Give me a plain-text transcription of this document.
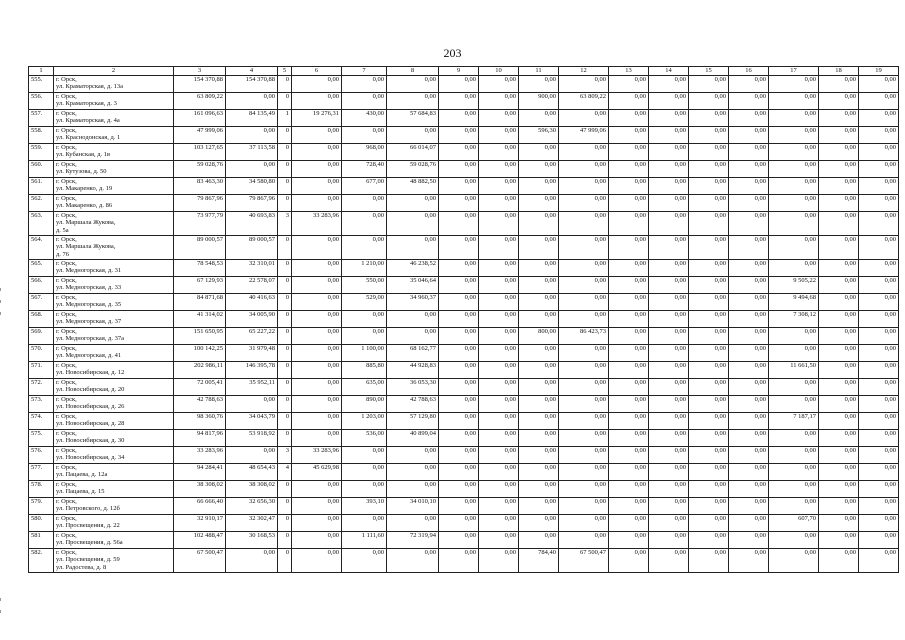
203
1	2	3	4	5	6	7	8	9	10	11	12	13	14	15	16	17	18	19
555.	г. Орск,
ул. Краматорская, д. 13а	154 370,88	154 370,88	0	0,00	0,00	0,00	0,00	0,00	0,00	0,00	0,00	0,00	0,00	0,00	0,00	0,00	0,00
556.	г. Орск,
ул. Краматорская, д. 3	63 809,22	0,00	0	0,00	0,00	0,00	0,00	0,00	900,00	63 809,22	0,00	0,00	0,00	0,00	0,00	0,00	0,00
557.	г. Орск,
ул. Краматорская, д. 4а	161 096,63	84 135,49	1	19 276,31	430,00	57 684,83	0,00	0,00	0,00	0,00	0,00	0,00	0,00	0,00	0,00	0,00	0,00
558.	г. Орск,
ул. Краснодонская, д. 1	47 999,06	0,00	0	0,00	0,00	0,00	0,00	0,00	596,30	47 999,06	0,00	0,00	0,00	0,00	0,00	0,00	0,00
559.	г. Орск,
ул. Кубанская, д. 1в	103 127,65	37 113,58	0	0,00	968,00	66 014,07	0,00	0,00	0,00	0,00	0,00	0,00	0,00	0,00	0,00	0,00	0,00
560.	г. Орск,
ул. Кутузова, д. 50	59 028,76	0,00	0	0,00	728,40	59 028,76	0,00	0,00	0,00	0,00	0,00	0,00	0,00	0,00	0,00	0,00	0,00
561.	г. Орск,
ул. Макаренко, д. 19	83 463,30	34 580,80	0	0,00	677,00	48 882,50	0,00	0,00	0,00	0,00	0,00	0,00	0,00	0,00	0,00	0,00	0,00
562.	г. Орск,
ул. Макаренко, д. 86	79 867,96	79 867,96	0	0,00	0,00	0,00	0,00	0,00	0,00	0,00	0,00	0,00	0,00	0,00	0,00	0,00	0,00
563.	г. Орск,
ул. Маршала Жукова,
д. 5а	73 977,79	40 693,83	3	33 283,96	0,00	0,00	0,00	0,00	0,00	0,00	0,00	0,00	0,00	0,00	0,00	0,00	0,00
564.	г. Орск,
ул. Маршала Жукова,
д. 76	89 000,57	89 000,57	0	0,00	0,00	0,00	0,00	0,00	0,00	0,00	0,00	0,00	0,00	0,00	0,00	0,00	0,00
565.	г. Орск,
ул. Медногорская, д. 31	78 548,53	32 310,01	0	0,00	1 210,00	46 238,52	0,00	0,00	0,00	0,00	0,00	0,00	0,00	0,00	0,00	0,00	0,00
566.	г. Орск,
ул. Медногорская, д. 33	67 129,93	22 578,07	0	0,00	550,00	35 046,64	0,00	0,00	0,00	0,00	0,00	0,00	0,00	0,00	9 505,22	0,00	0,00
567.	г. Орск,
ул. Медногорская, д. 35	84 871,68	40 416,63	0	0,00	529,00	34 960,37	0,00	0,00	0,00	0,00	0,00	0,00	0,00	0,00	9 494,68	0,00	0,00
568.	г. Орск,
ул. Медногорская, д. 37	41 314,02	34 005,90	0	0,00	0,00	0,00	0,00	0,00	0,00	0,00	0,00	0,00	0,00	0,00	7 308,12	0,00	0,00
569.	г. Орск,
ул. Медногорская, д. 37а	151 650,95	65 227,22	0	0,00	0,00	0,00	0,00	0,00	800,00	86 423,73	0,00	0,00	0,00	0,00	0,00	0,00	0,00
570.	г. Орск,
ул. Медногорская, д. 41	100 142,25	31 979,48	0	0,00	1 100,00	68 162,77	0,00	0,00	0,00	0,00	0,00	0,00	0,00	0,00	0,00	0,00	0,00
571.	г. Орск,
ул. Новосибирская, д. 12	202 986,11	146 395,78	0	0,00	885,80	44 928,83	0,00	0,00	0,00	0,00	0,00	0,00	0,00	0,00	11 661,50	0,00	0,00
572.	г. Орск,
ул. Новосибирская, д. 20	72 005,41	35 952,11	0	0,00	635,00	36 053,30	0,00	0,00	0,00	0,00	0,00	0,00	0,00	0,00	0,00	0,00	0,00
573.	г. Орск,
ул. Новосибирская, д. 26	42 788,63	0,00	0	0,00	890,00	42 788,63	0,00	0,00	0,00	0,00	0,00	0,00	0,00	0,00	0,00	0,00	0,00
574.	г. Орск,
ул. Новосибирская, д. 28	98 360,76	34 043,79	0	0,00	1 203,00	57 129,80	0,00	0,00	0,00	0,00	0,00	0,00	0,00	0,00	7 187,17	0,00	0,00
575.	г. Орск,
ул. Новосибирская, д. 30	94 817,96	53 918,92	0	0,00	536,00	40 899,04	0,00	0,00	0,00	0,00	0,00	0,00	0,00	0,00	0,00	0,00	0,00
576.	г. Орск,
ул. Новосибирская, д. 34	33 283,96	0,00	3	33 283,96	0,00	0,00	0,00	0,00	0,00	0,00	0,00	0,00	0,00	0,00	0,00	0,00	0,00
577.	г. Орск,
ул. Пацаева, д. 12а	94 284,41	48 654,43	4	45 629,98	0,00	0,00	0,00	0,00	0,00	0,00	0,00	0,00	0,00	0,00	0,00	0,00	0,00
578.	г. Орск,
ул. Пацаева, д. 15	38 308,02	38 308,02	0	0,00	0,00	0,00	0,00	0,00	0,00	0,00	0,00	0,00	0,00	0,00	0,00	0,00	0,00
579.	г. Орск,
ул. Петровского, д. 12б	66 666,40	32 656,30	0	0,00	393,10	34 010,10	0,00	0,00	0,00	0,00	0,00	0,00	0,00	0,00	0,00	0,00	0,00
580.	г. Орск,
ул. Просвещения, д. 22	32 910,17	32 302,47	0	0,00	0,00	0,00	0,00	0,00	0,00	0,00	0,00	0,00	0,00	0,00	607,70	0,00	0,00
581	г. Орск,
ул. Просвещения, д. 56а	102 488,47	30 168,53	0	0,00	1 111,60	72 319,94	0,00	0,00	0,00	0,00	0,00	0,00	0,00	0,00	0,00	0,00	0,00
582.	г. Орск,
ул. Просвещения, д. 59
ул. Радостева, д. 8	67 500,47	0,00	0	0,00	0,00	0,00	0,00	0,00	784,40	67 500,47	0,00	0,00	0,00	0,00	0,00	0,00	0,00
